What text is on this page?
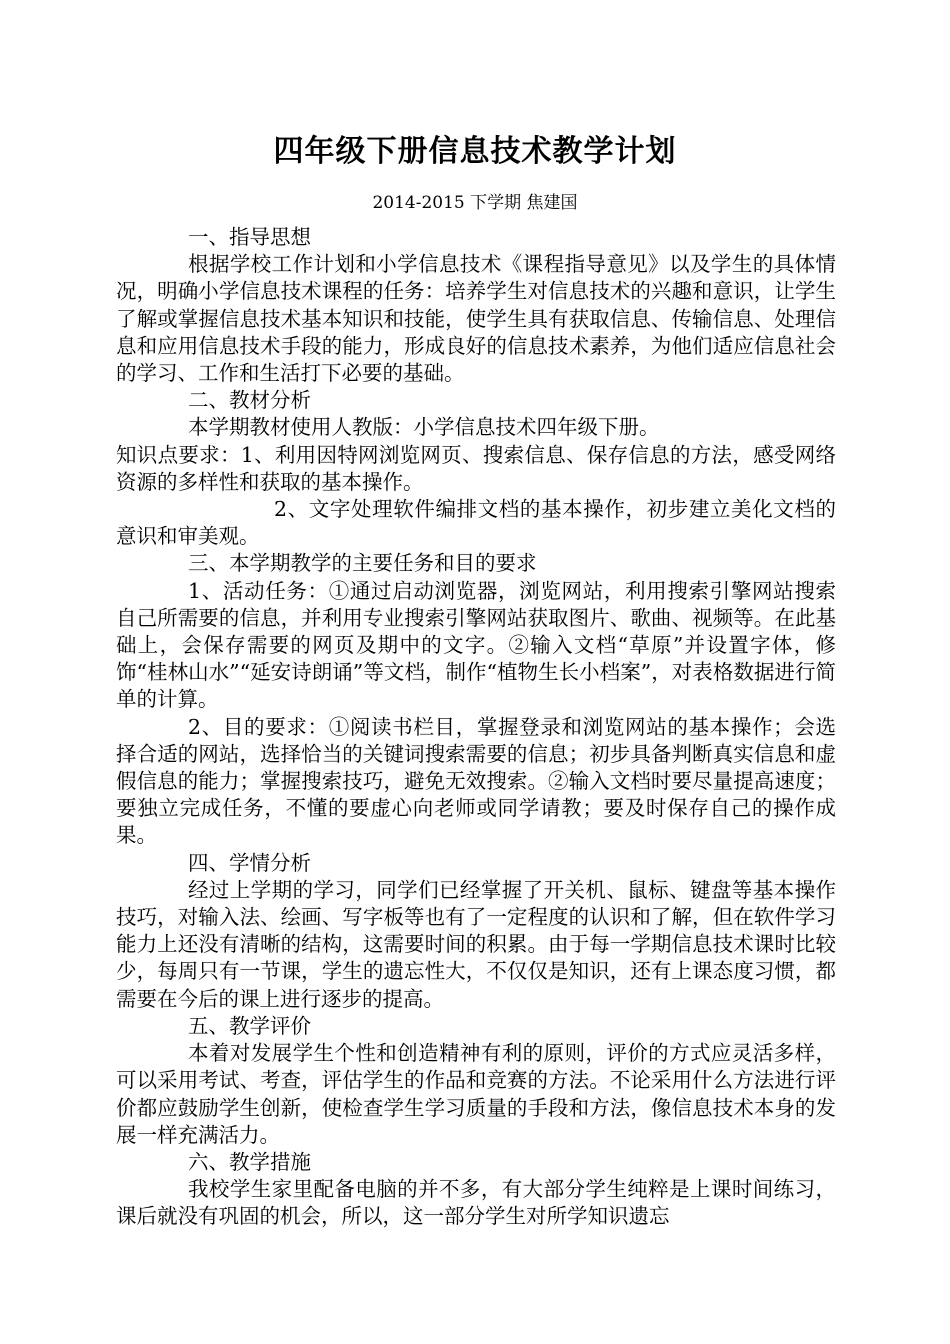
四年级下册信息技术教学计划
2014-2015 下学期 焦建国

一、指导思想

根据学校工作计划和小学信息技术《课程指导意见》以及学生的具体情况，明确小学信息技术课程的任务：培养学生对信息技术的兴趣和意识，让学生了解或掌握信息技术基本知识和技能，使学生具有获取信息、传输信息、处理信息和应用信息技术手段的能力，形成良好的信息技术素养，为他们适应信息社会的学习、工作和生活打下必要的基础。

二、教材分析

本学期教材使用人教版：小学信息技术四年级下册。

知识点要求：1、利用因特网浏览网页、搜索信息、保存信息的方法，感受网络资源的多样性和获取的基本操作。

2、文字处理软件编排文档的基本操作，初步建立美化文档的意识和审美观。

三、本学期教学的主要任务和目的要求

1、活动任务：①通过启动浏览器，浏览网站，利用搜索引擎网站搜索自己所需要的信息，并利用专业搜索引擎网站获取图片、歌曲、视频等。在此基础上，会保存需要的网页及期中的文字。②输入文档“草原”并设置字体，修饰“桂林山水”“延安诗朗诵”等文档，制作“植物生长小档案”，对表格数据进行简单的计算。

2、目的要求：①阅读书栏目，掌握登录和浏览网站的基本操作；会选择合适的网站，选择恰当的关键词搜索需要的信息；初步具备判断真实信息和虚假信息的能力；掌握搜索技巧，避免无效搜索。②输入文档时要尽量提高速度；要独立完成任务，不懂的要虚心向老师或同学请教；要及时保存自己的操作成果。

四、学情分析

经过上学期的学习，同学们已经掌握了开关机、鼠标、键盘等基本操作技巧，对输入法、绘画、写字板等也有了一定程度的认识和了解，但在软件学习能力上还没有清晰的结构，这需要时间的积累。由于每一学期信息技术课时比较少，每周只有一节课，学生的遗忘性大，不仅仅是知识，还有上课态度习惯，都需要在今后的课上进行逐步的提高。

五、教学评价

本着对发展学生个性和创造精神有利的原则，评价的方式应灵活多样，可以采用考试、考查，评估学生的作品和竞赛的方法。不论采用什么方法进行评价都应鼓励学生创新，使检查学生学习质量的手段和方法，像信息技术本身的发展一样充满活力。

六、教学措施

我校学生家里配备电脑的并不多，有大部分学生纯粹是上课时间练习，课后就没有巩固的机会，所以，这一部分学生对所学知识遗忘
